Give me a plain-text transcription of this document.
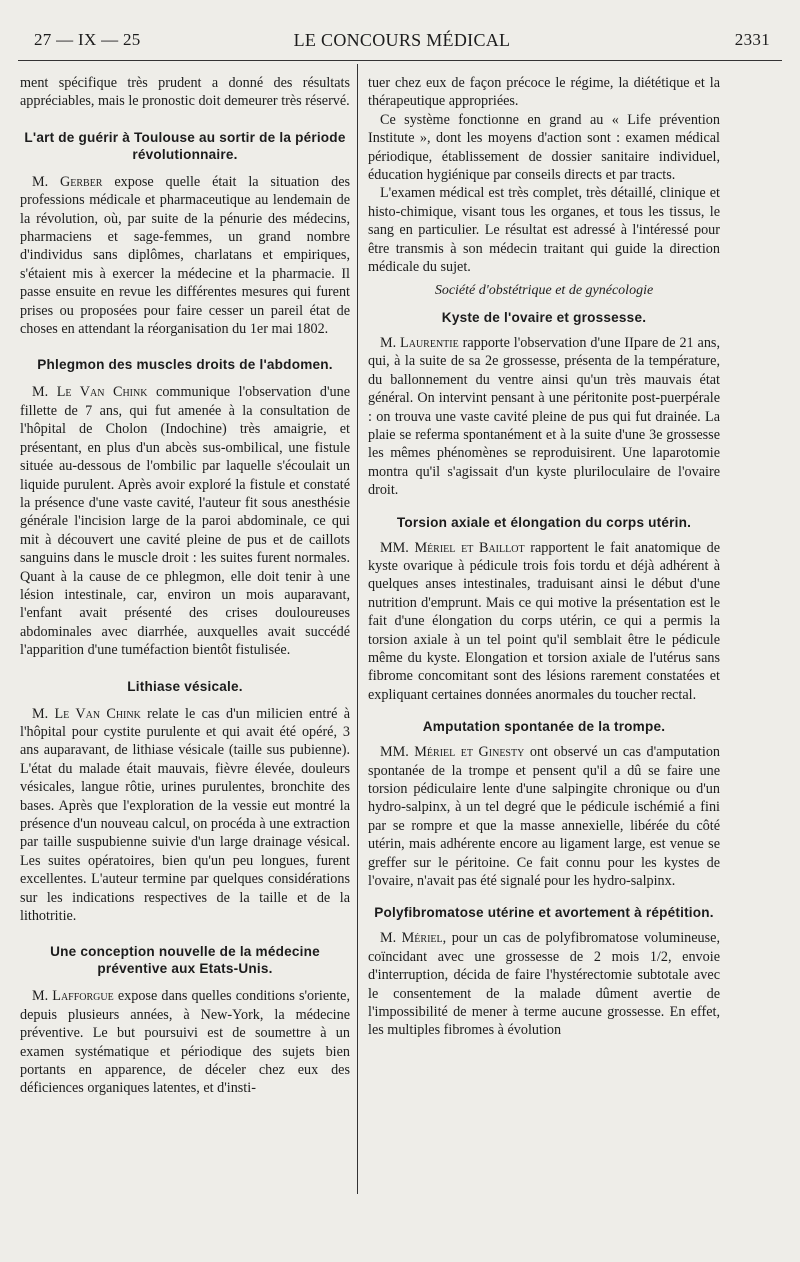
27 — IX — 25	LE CONCOURS MÉDICAL	2331

ment spécifique très prudent a donné des résultats appréciables, mais le pronostic doit demeurer très réservé.

L'art de guérir à Toulouse au sortir de la période révolutionnaire.

M. Gerber expose quelle était la situation des professions médicale et pharmaceutique au lendemain de la révolution, où, par suite de la pénurie des médecins, pharmaciens et sage-femmes, un grand nombre d'individus sans diplômes, charlatans et empiriques, s'étaient mis à exercer la médecine et la pharmacie. Il passe ensuite en revue les différentes mesures qui furent prises ou proposées pour faire cesser un pareil état de choses en attendant la réorganisation du 1er mai 1802.

Phlegmon des muscles droits de l'abdomen.

M. Le Van Chink communique l'observation d'une fillette de 7 ans, qui fut amenée à la consultation de l'hôpital de Cholon (Indochine) très amaigrie, et présentant, en plus d'un abcès sus-ombilical, une fistule située au-dessous de l'ombilic par laquelle s'écoulait un liquide purulent. Après avoir exploré la fistule et constaté la présence d'une vaste cavité, l'auteur fit sous anesthésie générale l'incision large de la paroi abdominale, ce qui mit à découvert une cavité pleine de pus et de caillots sanguins dans le muscle droit : les suites furent normales. Quant à la cause de ce phlegmon, elle doit tenir à une lésion intestinale, car, environ un mois auparavant, l'enfant avait présenté des crises douloureuses abdominales avec diarrhée, auxquelles avait succédé l'apparition d'une tuméfaction bientôt fistulisée.

Lithiase vésicale.

M. Le Van Chink relate le cas d'un milicien entré à l'hôpital pour cystite purulente et qui avait été opéré, 3 ans auparavant, de lithiase vésicale (taille sus pubienne). L'état du malade était mauvais, fièvre élevée, douleurs vésicales, langue rôtie, urines purulentes, bronchite des bases. Après que l'exploration de la vessie eut montré la présence d'un nouveau calcul, on procéda à une extraction par taille suspubienne suivie d'un large drainage vésical. Les suites opératoires, bien qu'un peu longues, furent excellentes. L'auteur termine par quelques considérations sur les indications respectives de la taille et de la lithotritie.

Une conception nouvelle de la médecine préventive aux Etats-Unis.

M. Lafforgue expose dans quelles conditions s'oriente, depuis plusieurs années, à New-York, la médecine préventive. Le but poursuivi est de soumettre à un examen systématique et périodique des sujets bien portants en apparence, de déceler chez eux des déficiences organiques latentes, et d'insti-

tuer chez eux de façon précoce le régime, la diététique et la thérapeutique appropriées.

Ce système fonctionne en grand au « Life prévention Institute », dont les moyens d'action sont : examen médical périodique, établissement de dossier sanitaire individuel, éducation hygiénique par conseils directs et par tracts.

L'examen médical est très complet, très détaillé, clinique et histo-chimique, visant tous les organes, et tous les tissus, le sang en particulier. Le résultat est adressé à l'intéressé pour être transmis à son médecin traitant qui guide la direction médicale du sujet.

Société d'obstétrique et de gynécologie
Kyste de l'ovaire et grossesse.

M. Laurentie rapporte l'observation d'une IIpare de 21 ans, qui, à la suite de sa 2e grossesse, présenta de la température, du ballonnement du ventre ainsi qu'un très mauvais état général. On intervint pensant à une péritonite post-puerpérale : on trouva une vaste cavité pleine de pus qui fut drainée. La plaie se referma spontanément et à la suite d'une 3e grossesse les mêmes phénomènes se reproduisirent. Une laparotomie montra qu'il s'agissait d'un kyste pluriloculaire de l'ovaire droit.

Torsion axiale et élongation du corps utérin.

MM. Mériel et Baillot rapportent le fait anatomique de kyste ovarique à pédicule trois fois tordu et déjà adhérent à quelques anses intestinales, traduisant ainsi le début d'une nutrition d'emprunt. Mais ce qui motive la présentation est le fait d'une élongation du corps utérin, ce qui a permis la torsion axiale à un tel point qu'il semblait être le pédicule même du kyste. Elongation et torsion axiale de l'utérus sans fibrome concomitant sont des lésions rarement constatées et expliquant certaines données anormales du toucher rectal.

Amputation spontanée de la trompe.

MM. Mériel et Ginesty ont observé un cas d'amputation spontanée de la trompe et pensent qu'il a dû se faire une torsion pédiculaire lente d'une salpingite chronique ou d'un hydro-salpinx, à un tel degré que le pédicule ischémié a fini par se rompre et que la masse annexielle, libérée du côté utérin, mais adhérente encore au ligament large, est venue se greffer sur le péritoine. Ce fait connu pour les kystes de l'ovaire, n'avait pas été signalé pour les hydro-salpinx.

Polyfibromatose utérine et avortement à répétition.

M. Mériel, pour un cas de polyfibromatose volumineuse, coïncidant avec une grossesse de 2 mois 1/2, envoie d'interruption, décida de faire l'hystérectomie subtotale avec le consentement de la malade dûment avertie de l'impossibilité de mener à terme aucune grossesse. En effet, les multiples fibromes à évolution
